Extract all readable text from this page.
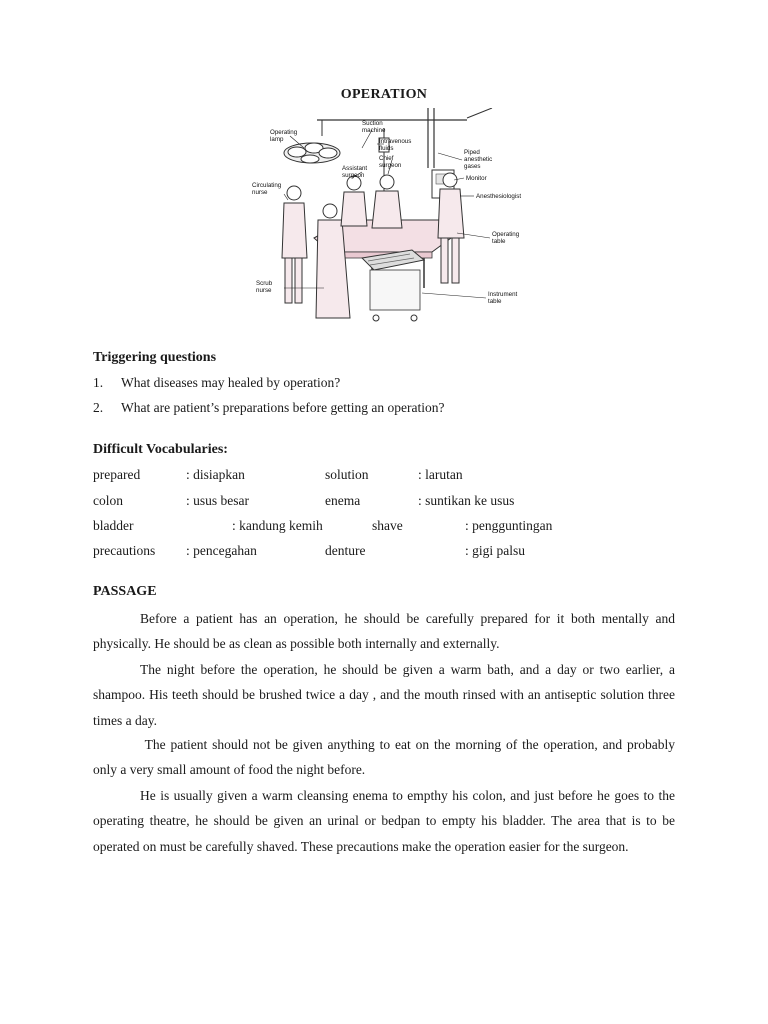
OPERATION
Operating lamp
Suction machine
Intravenous fluids
Chief surgeon
Assistant surgeon
Piped anesthetic gases
Monitor
Anesthesiologist
Circulating nurse
Operating table
Scrub nurse
Instrument table
Triggering questions
1. What diseases may healed by operation?
2. What are patient’s preparations before getting an operation?
Difficult Vocabularies:
prepared	: disiapkan	solution	: larutan
colon	: usus besar	enema	: suntikan ke usus
bladder	: kandung kemih	shave	: pengguntingan
precautions : pencegahan	denture	: gigi palsu
PASSAGE

Before a patient has an operation, he should be carefully prepared for it both mentally and physically. He should be as clean as possible both internally and externally.

The night before the operation, he should be given a warm bath, and a day or two earlier, a shampoo. His teeth should be brushed twice a day , and the mouth rinsed with an antiseptic solution three times a day.

The patient should not be given anything to eat on the morning of the operation, and probably only a very small amount of food the night before.

He is usually given a warm cleansing enema to empthy his colon, and just before he goes to the operating theatre, he should be given an urinal or bedpan to empty his bladder. The area that is to be operated on must be carefully shaved. These precautions make the operation easier for the surgeon.
